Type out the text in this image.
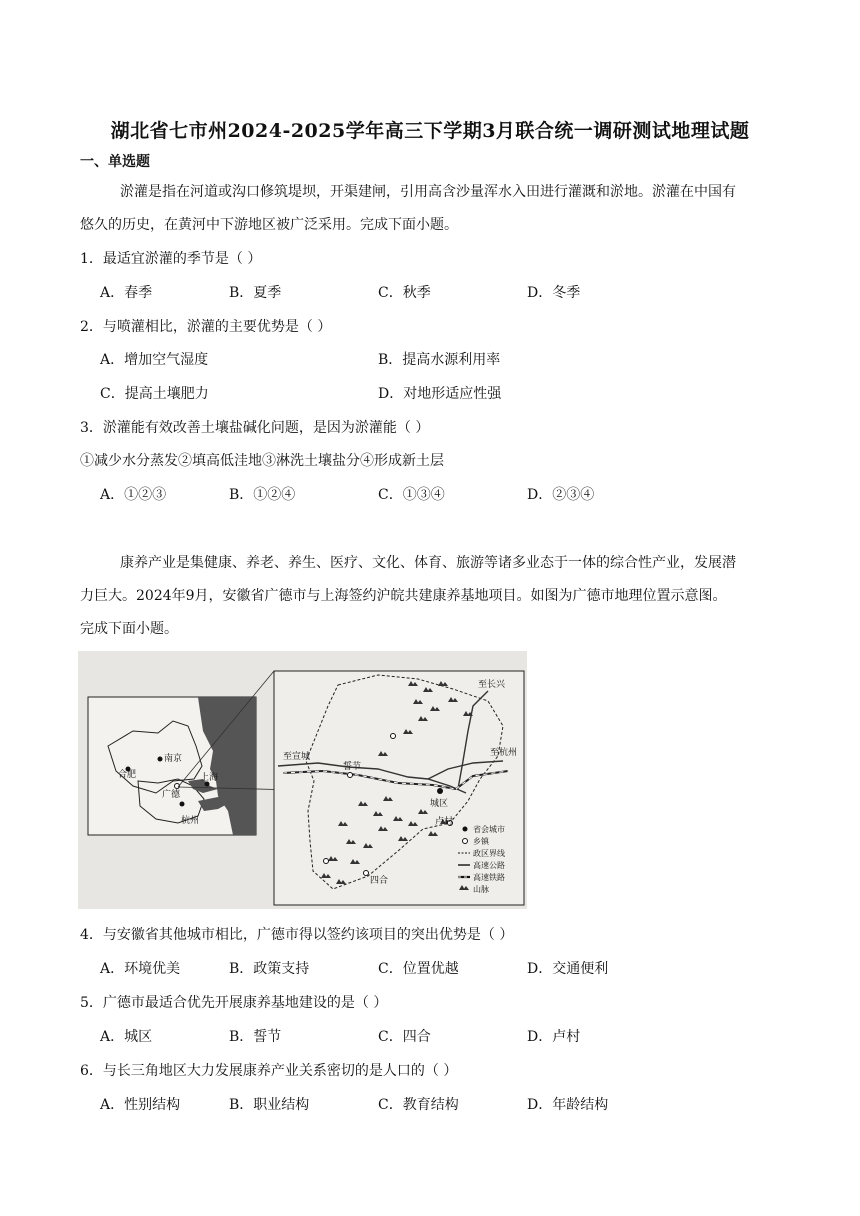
湖北省七市州2024-2025学年高三下学期3月联合统一调研测试地理试题
一、单选题
淤灌是指在河道或沟口修筑堤坝，开渠建闸，引用高含沙量浑水入田进行灌溉和淤地。淤灌在中国有
悠久的历史，在黄河中下游地区被广泛采用。完成下面小题。
1．最适宜淤灌的季节是（ ）
A．春季	B．夏季	C．秋季	D．冬季
2．与喷灌相比，淤灌的主要优势是（ ）
A．增加空气湿度	B．提高水源利用率
C．提高土壤肥力	D．对地形适应性强
3．淤灌能有效改善土壤盐碱化问题，是因为淤灌能（ ）
①减少水分蒸发②填高低洼地③淋洗土壤盐分④形成新土层
A．①②③	B．①②④	C．①③④	D．②③④
康养产业是集健康、养老、养生、医疗、文化、体育、旅游等诸多业态于一体的综合性产业，发展潜
力巨大。2024年9月，安徽省广德市与上海签约沪皖共建康养基地项目。如图为广德市地理位置示意图。
完成下面小题。
合肥
南京
上海
广德
杭州
至长兴
至宣城	至杭州
誓节
城区
卢村
四合
省会城市
乡镇
政区界线
高速公路
高速铁路
山脉
4．与安徽省其他城市相比，广德市得以签约该项目的突出优势是（ ）
A．环境优美	B．政策支持	C．位置优越	D．交通便利
5．广德市最适合优先开展康养基地建设的是（ ）
A．城区	B．誓节	C．四合	D．卢村
6．与长三角地区大力发展康养产业关系密切的是人口的（ ）
A．性别结构	B．职业结构	C．教育结构	D．年龄结构
